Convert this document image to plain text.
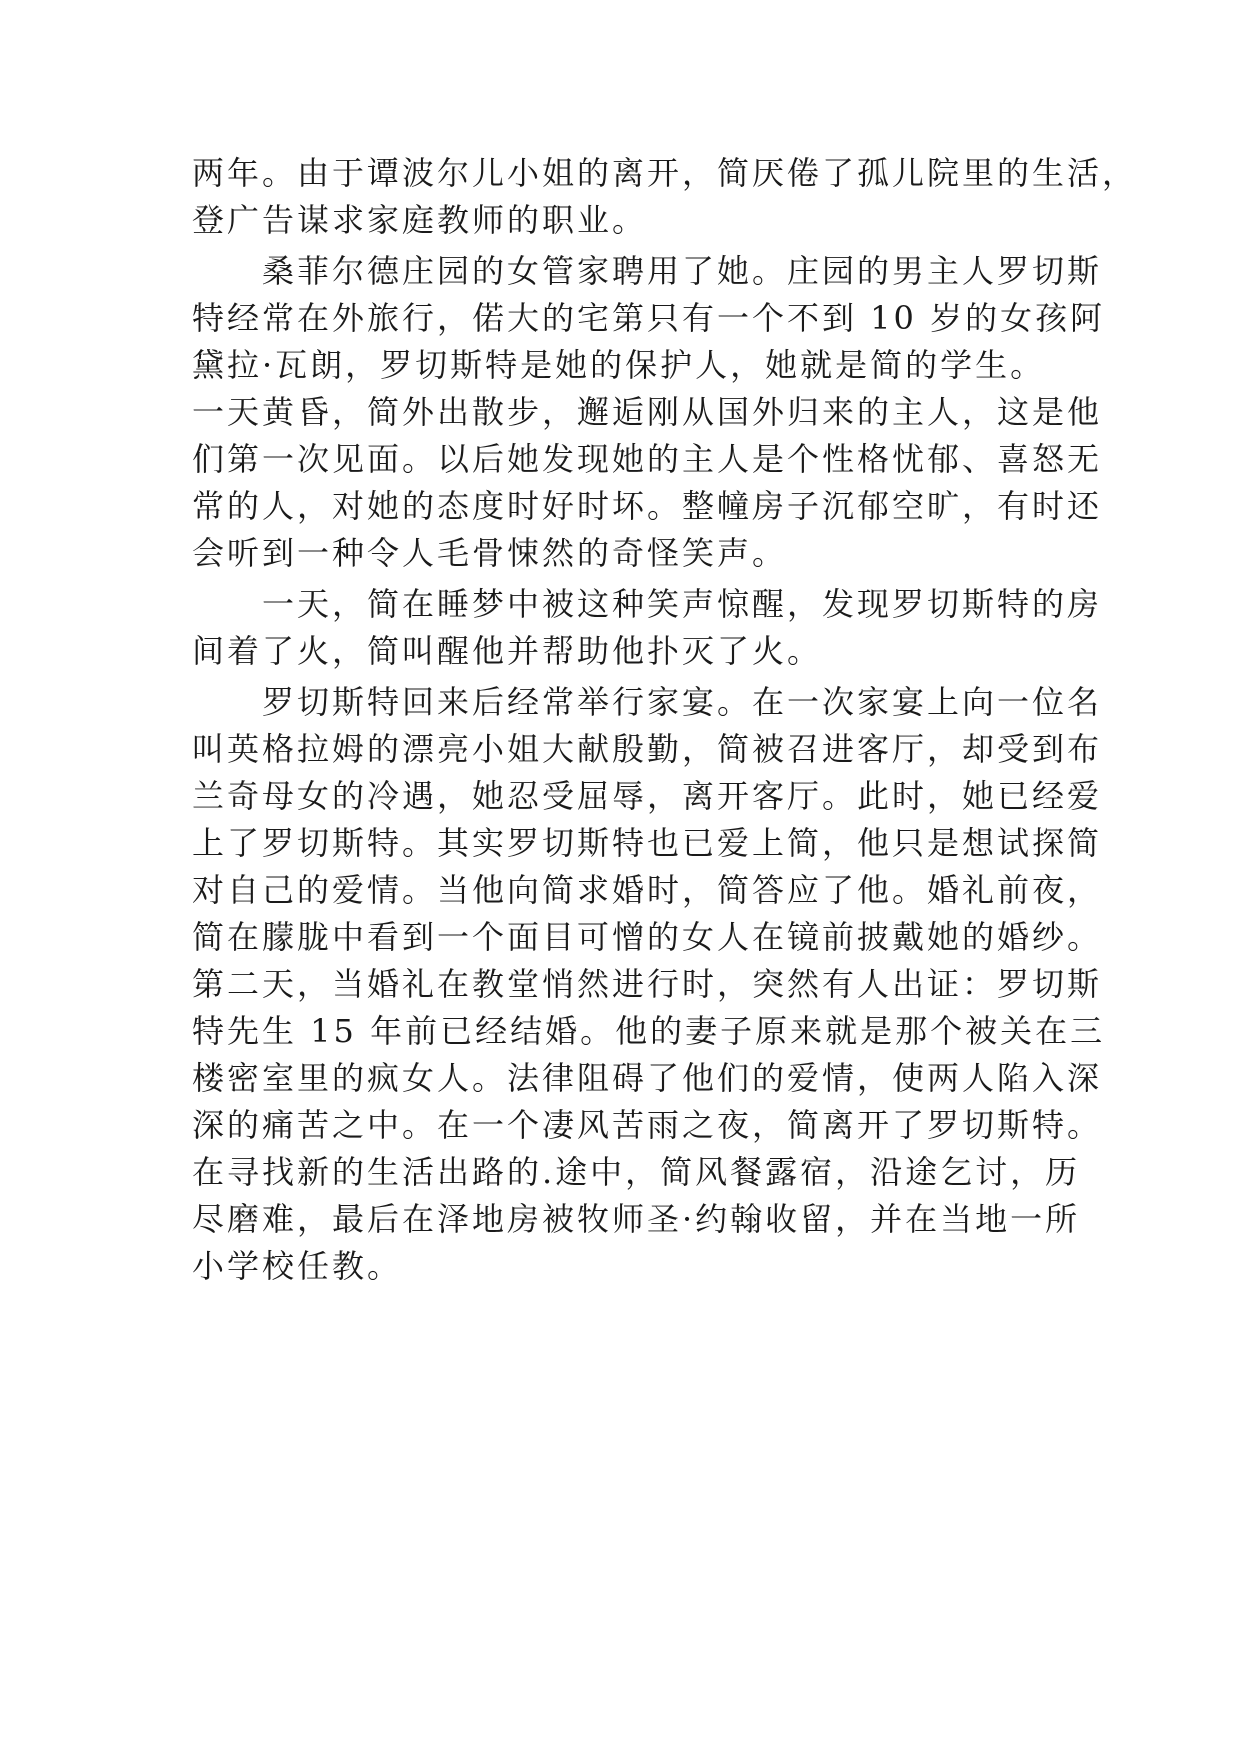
两年。由于谭波尔儿小姐的离开，简厌倦了孤儿院里的生活，
登广告谋求家庭教师的职业。
　　桑菲尔德庄园的女管家聘用了她。庄园的男主人罗切斯
特经常在外旅行，偌大的宅第只有一个不到 10 岁的女孩阿
黛拉·瓦朗，罗切斯特是她的保护人，她就是简的学生。
一天黄昏，简外出散步，邂逅刚从国外归来的主人，这是他
们第一次见面。以后她发现她的主人是个性格忧郁、喜怒无
常的人，对她的态度时好时坏。整幢房子沉郁空旷，有时还
会听到一种令人毛骨悚然的奇怪笑声。
　　一天，简在睡梦中被这种笑声惊醒，发现罗切斯特的房
间着了火，简叫醒他并帮助他扑灭了火。
　　罗切斯特回来后经常举行家宴。在一次家宴上向一位名
叫英格拉姆的漂亮小姐大献殷勤，简被召进客厅，却受到布
兰奇母女的冷遇，她忍受屈辱，离开客厅。此时，她已经爱
上了罗切斯特。其实罗切斯特也已爱上简，他只是想试探简
对自己的爱情。当他向简求婚时，简答应了他。婚礼前夜，
简在朦胧中看到一个面目可憎的女人在镜前披戴她的婚纱。
第二天，当婚礼在教堂悄然进行时，突然有人出证：罗切斯
特先生 15 年前已经结婚。他的妻子原来就是那个被关在三
楼密室里的疯女人。法律阻碍了他们的爱情，使两人陷入深
深的痛苦之中。在一个凄风苦雨之夜，简离开了罗切斯特。
在寻找新的生活出路的.途中，简风餐露宿，沿途乞讨，历
尽磨难，最后在泽地房被牧师圣·约翰收留，并在当地一所
小学校任教。
